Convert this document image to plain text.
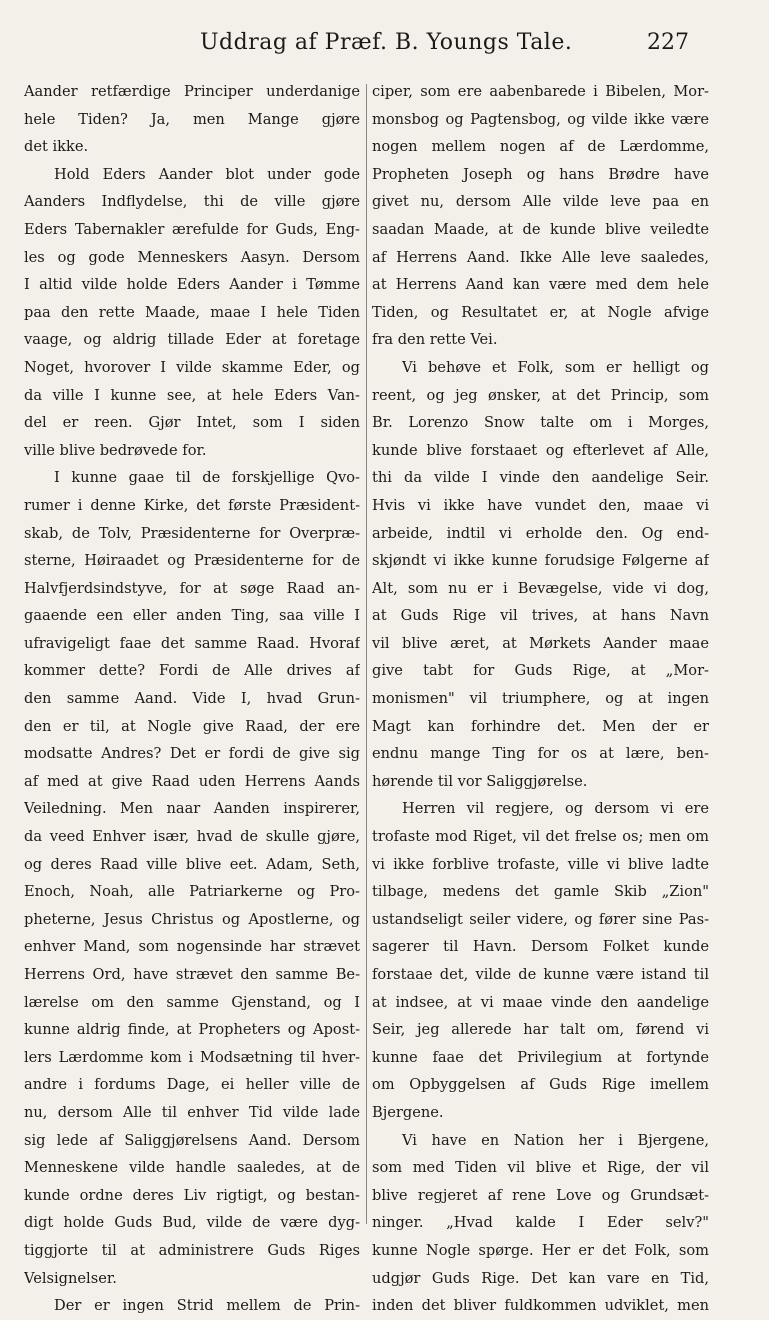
Uddrag af Præf. B. Youngs Tale.	227
Aander retfærdige Principer underdanige
hele Tiden? Ja, men Mange gjøre
det ikke.
Hold Eders Aander blot under gode
Aanders Indflydelse, thi de ville gjøre
Eders Tabernakler ærefulde for Guds, Eng-
les og gode Menneskers Aasyn. Dersom
I altid vilde holde Eders Aander i Tømme
paa den rette Maade, maae I hele Tiden
vaage, og aldrig tillade Eder at foretage
Noget, hvorover I vilde skamme Eder, og
da ville I kunne see, at hele Eders Van-
del er reen. Gjør Intet, som I siden
ville blive bedrøvede for.
I kunne gaae til de forskjellige Qvo-
rumer i denne Kirke, det første Præsident-
skab, de Tolv, Præsidenterne for Overpræ-
sterne, Høiraadet og Præsidenterne for de
Halvfjerdsindstyve, for at søge Raad an-
gaaende een eller anden Ting, saa ville I
ufravigeligt faae det samme Raad. Hvoraf
kommer dette? Fordi de Alle drives af
den samme Aand. Vide I, hvad Grun-
den er til, at Nogle give Raad, der ere
modsatte Andres? Det er fordi de give sig
af med at give Raad uden Herrens Aands
Veiledning. Men naar Aanden inspirerer,
da veed Enhver især, hvad de skulle gjøre,
og deres Raad ville blive eet. Adam, Seth,
Enoch, Noah, alle Patriarkerne og Pro-
pheterne, Jesus Christus og Apostlerne, og
enhver Mand, som nogensinde har strævet
Herrens Ord, have strævet den samme Be-
lærelse om den samme Gjenstand, og I
kunne aldrig finde, at Propheters og Apost-
lers Lærdomme kom i Modsætning til hver-
andre i fordums Dage, ei heller ville de
nu, dersom Alle til enhver Tid vilde lade
sig lede af Saliggjørelsens Aand. Dersom
Menneskene vilde handle saaledes, at de
kunde ordne deres Liv rigtigt, og bestan-
digt holde Guds Bud, vilde de være dyg-
tiggjorte til at administrere Guds Riges
Velsignelser.
Der er ingen Strid mellem de Prin-
ciper, som ere aabenbarede i Bibelen, Mor-
monsbog og Pagtensbog, og vilde ikke være
nogen mellem nogen af de Lærdomme,
Propheten Joseph og hans Brødre have
givet nu, dersom Alle vilde leve paa en
saadan Maade, at de kunde blive veiledte
af Herrens Aand. Ikke Alle leve saaledes,
at Herrens Aand kan være med dem hele
Tiden, og Resultatet er, at Nogle afvige
fra den rette Vei.
Vi behøve et Folk, som er helligt og
reent, og jeg ønsker, at det Princip, som
Br. Lorenzo Snow talte om i Morges,
kunde blive forstaaet og efterlevet af Alle,
thi da vilde I vinde den aandelige Seir.
Hvis vi ikke have vundet den, maae vi
arbeide, indtil vi erholde den. Og end-
skjøndt vi ikke kunne forudsige Følgerne af
Alt, som nu er i Bevægelse, vide vi dog,
at Guds Rige vil trives, at hans Navn
vil blive æret, at Mørkets Aander maae
give tabt for Guds Rige, at „Mor-
monismen" vil triumphere, og at ingen
Magt kan forhindre det. Men der er
endnu mange Ting for os at lære, ben-
hørende til vor Saliggjørelse.
Herren vil regjere, og dersom vi ere
trofaste mod Riget, vil det frelse os; men om
vi ikke forblive trofaste, ville vi blive ladte
tilbage, medens det gamle Skib „Zion"
ustandseligt seiler videre, og fører sine Pas-
sagerer til Havn. Dersom Folket kunde
forstaae det, vilde de kunne være istand til
at indsee, at vi maae vinde den aandelige
Seir, jeg allerede har talt om, førend vi
kunne faae det Privilegium at fortynde
om Opbyggelsen af Guds Rige imellem
Bjergene.
Vi have en Nation her i Bjergene,
som med Tiden vil blive et Rige, der vil
blive regjeret af rene Love og Grundsæt-
ninger. „Hvad kalde I Eder selv?"
kunne Nogle spørge. Her er det Folk, som
udgjør Guds Rige. Det kan vare en Tid,
inden det bliver fuldkommen udviklet, men
